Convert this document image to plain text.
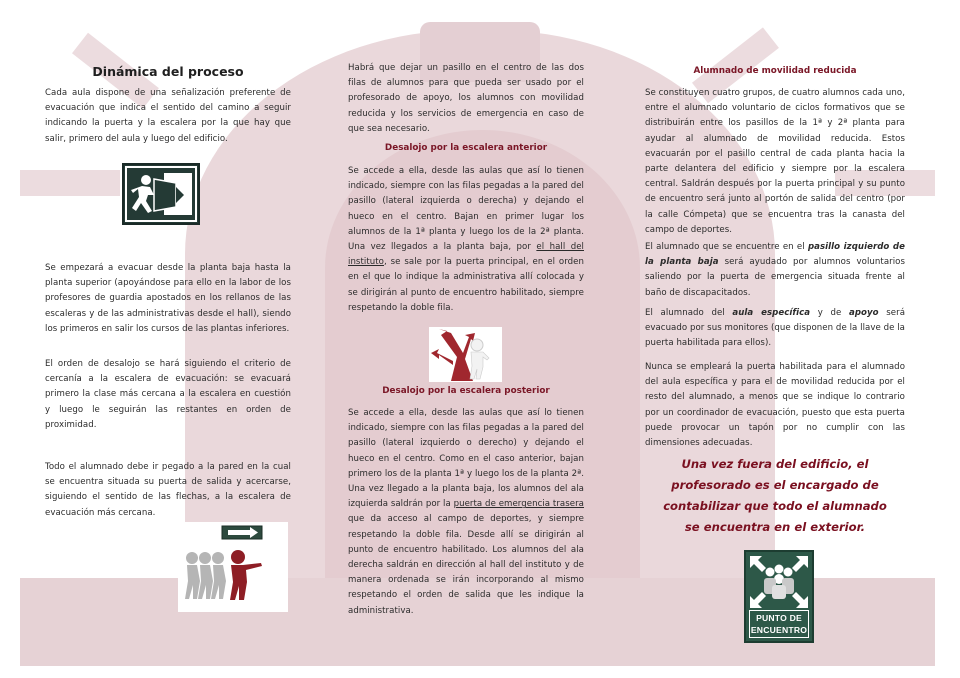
Dinámica del proceso

Cada aula dispone de una señalización preferente de evacuación que indica el sentido del camino a seguir indicando la puerta y la escalera por la que hay que salir, primero del aula y luego del edificio.

Se empezará a evacuar desde la planta baja hasta la planta superior (apoyándose para ello en la labor de los profesores de guardia apostados en los rellanos de las escaleras y de las administrativas desde el hall), siendo los primeros en salir los cursos de las plantas inferiores.

El orden de desalojo se hará siguiendo el criterio de cercanía a la escalera de evacuación: se evacuará primero la clase más cercana a la escalera en cuestión y luego le seguirán las restantes en orden de proximidad.

Todo el alumnado debe ir pegado a la pared en la cual se encuentra situada su puerta de salida y acercarse, siguiendo el sentido de las flechas, a la escalera de evacuación más cercana.

Habrá que dejar un pasillo en el centro de las dos filas de alumnos para que pueda ser usado por el profesorado de apoyo, los alumnos con movilidad reducida y los servicios de emergencia en caso de que sea necesario.

Desalojo por la escalera anterior

Se accede a ella, desde las aulas que así lo tienen indicado, siempre con las filas pegadas a la pared del pasillo (lateral izquierda o derecha) y dejando el hueco en el centro. Bajan en primer lugar los alumnos de la 1ª planta y luego los de la 2ª planta. Una vez llegados a la planta baja, por el hall del instituto, se sale por la puerta principal, en el orden en el que lo indique la administrativa allí colocada y se dirigirán al punto de encuentro habilitado, siempre respetando la doble fila.

Desalojo por la escalera posterior

Se accede a ella, desde las aulas que así lo tienen indicado, siempre con las filas pegadas a la pared del pasillo (lateral izquierdo o derecho) y dejando el hueco en el centro. Como en el caso anterior, bajan primero los de la planta 1ª y luego los de la planta 2ª. Una vez llegado a la planta baja, los alumnos del ala izquierda saldrán por la puerta de emergencia trasera que da acceso al campo de deportes, y siempre respetando la doble fila. Desde allí se dirigirán al punto de encuentro habilitado. Los alumnos del ala derecha saldrán en dirección al hall del instituto y de manera ordenada se irán incorporando al mismo respetando el orden de salida que les indique la administrativa.

Alumnado de movilidad reducida

Se constituyen cuatro grupos, de cuatro alumnos cada uno, entre el alumnado voluntario de ciclos formativos que se distribuirán entre los pasillos de la 1ª y 2ª planta para ayudar al alumnado de movilidad reducida. Estos evacuarán por el pasillo central de cada planta hacia la parte delantera del edificio y siempre por la escalera central. Saldrán después por la puerta principal y su punto de encuentro será junto al portón de salida del centro (por la calle Cómpeta) que se encuentra tras la canasta del campo de deportes.

El alumnado que se encuentre en el pasillo izquierdo de la planta baja será ayudado por alumnos voluntarios saliendo por la puerta de emergencia situada frente al baño de discapacitados.

El alumnado del aula específica y de apoyo será evacuado por sus monitores (que disponen de la llave de la puerta habilitada para ellos).

Nunca se empleará la puerta habilitada para el alumnado del aula específica y para el de movilidad reducida por el resto del alumnado, a menos que se indique lo contrario por un coordinador de evacuación, puesto que esta puerta puede provocar un tapón por no cumplir con las dimensiones adecuadas.

Una vez fuera del edificio, el profesorado es el encargado de contabilizar que todo el alumnado se encuentra en el exterior.

PUNTO DE
ENCUENTRO
